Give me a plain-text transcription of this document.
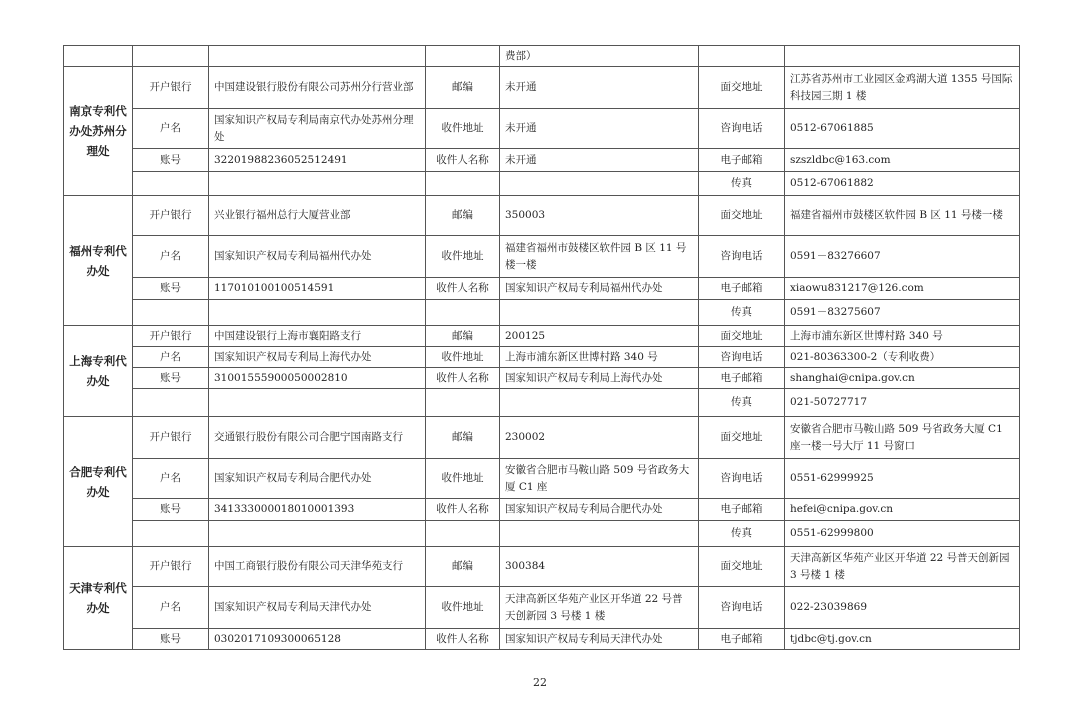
				费部）		
南京专利代办处苏州分理处	开户银行	中国建设银行股份有限公司苏州分行营业部	邮编	未开通	面交地址	江苏省苏州市工业园区金鸡湖大道 1355 号国际科技园三期 1 楼
	户名	国家知识产权局专利局南京代办处苏州分理处	收件地址	未开通	咨询电话	0512-67061885
	账号	32201988236052512491	收件人名称	未开通	电子邮箱	szszldbc@163.com
					传真	0512-67061882
福州专利代办处	开户银行	兴业银行福州总行大厦营业部	邮编	350003	面交地址	福建省福州市鼓楼区软件园 B 区 11 号楼一楼
	户名	国家知识产权局专利局福州代办处	收件地址	福建省福州市鼓楼区软件园 B 区 11 号楼一楼	咨询电话	0591－83276607
	账号	117010100100514591	收件人名称	国家知识产权局专利局福州代办处	电子邮箱	xiaowu831217@126.com
					传真	0591－83275607
上海专利代办处	开户银行	中国建设银行上海市襄阳路支行	邮编	200125	面交地址	上海市浦东新区世博村路 340 号
	户名	国家知识产权局专利局上海代办处	收件地址	上海市浦东新区世博村路 340 号	咨询电话	021-80363300-2（专利收费）
	账号	31001555900050002810	收件人名称	国家知识产权局专利局上海代办处	电子邮箱	shanghai@cnipa.gov.cn
					传真	021-50727717
合肥专利代办处	开户银行	交通银行股份有限公司合肥宁国南路支行	邮编	230002	面交地址	安徽省合肥市马鞍山路 509 号省政务大厦 C1 座一楼一号大厅 11 号窗口
	户名	国家知识产权局专利局合肥代办处	收件地址	安徽省合肥市马鞍山路 509 号省政务大厦 C1 座	咨询电话	0551-62999925
	账号	341333000018010001393	收件人名称	国家知识产权局专利局合肥代办处	电子邮箱	hefei@cnipa.gov.cn
					传真	0551-62999800
天津专利代办处	开户银行	中国工商银行股份有限公司天津华苑支行	邮编	300384	面交地址	天津高新区华苑产业区开华道 22 号普天创新园 3 号楼 1 楼
	户名	国家知识产权局专利局天津代办处	收件地址	天津高新区华苑产业区开华道 22 号普天创新园 3 号楼 1 楼	咨询电话	022-23039869
	账号	0302017109300065128	收件人名称	国家知识产权局专利局天津代办处	电子邮箱	tjdbc@tj.gov.cn
22
